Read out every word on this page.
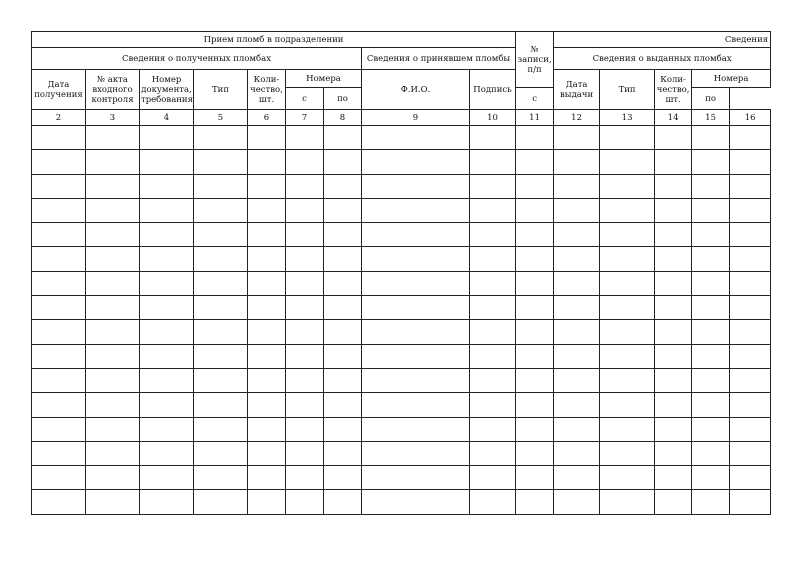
Прием пломб в подразделении									№ записи, п/п	Сведения				
Сведения о полученных пломбах							Сведения о принявшем пломбы			Сведения о выданных пломбах				
Дата получения	№ акта входного контроля	Номер документа, требования	Тип	Коли-чество, шт.	Номера		Ф.И.О.	Подпись		Дата выдачи	Тип	Коли-чество, шт.	Номера	
					с	по			с				по	
2	3	4	5	6	7	8	9	10	11	12	13	14	15	16
